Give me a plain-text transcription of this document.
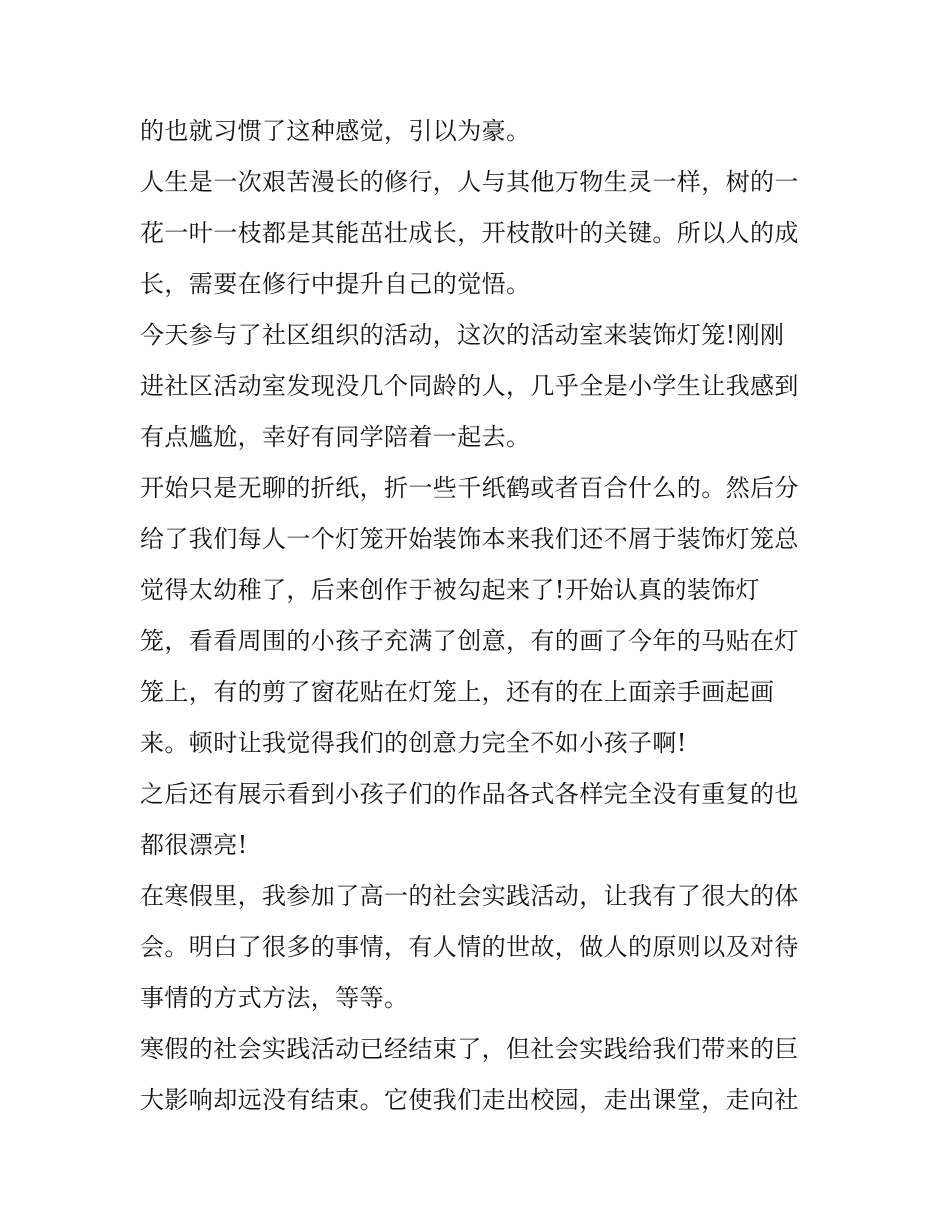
的也就习惯了这种感觉，引以为豪。
人生是一次艰苦漫长的修行，人与其他万物生灵一样，树的一
花一叶一枝都是其能茁壮成长，开枝散叶的关键。所以人的成
长，需要在修行中提升自己的觉悟。
今天参与了社区组织的活动，这次的活动室来装饰灯笼!刚刚
进社区活动室发现没几个同龄的人，几乎全是小学生让我感到
有点尴尬，幸好有同学陪着一起去。
开始只是无聊的折纸，折一些千纸鹤或者百合什么的。然后分
给了我们每人一个灯笼开始装饰本来我们还不屑于装饰灯笼总
觉得太幼稚了，后来创作于被勾起来了!开始认真的装饰灯
笼，看看周围的小孩子充满了创意，有的画了今年的马贴在灯
笼上，有的剪了窗花贴在灯笼上，还有的在上面亲手画起画
来。顿时让我觉得我们的创意力完全不如小孩子啊!
之后还有展示看到小孩子们的作品各式各样完全没有重复的也
都很漂亮!
在寒假里，我参加了高一的社会实践活动，让我有了很大的体
会。明白了很多的事情，有人情的世故，做人的原则以及对待
事情的方式方法，等等。
寒假的社会实践活动已经结束了，但社会实践给我们带来的巨
大影响却远没有结束。它使我们走出校园，走出课堂，走向社
